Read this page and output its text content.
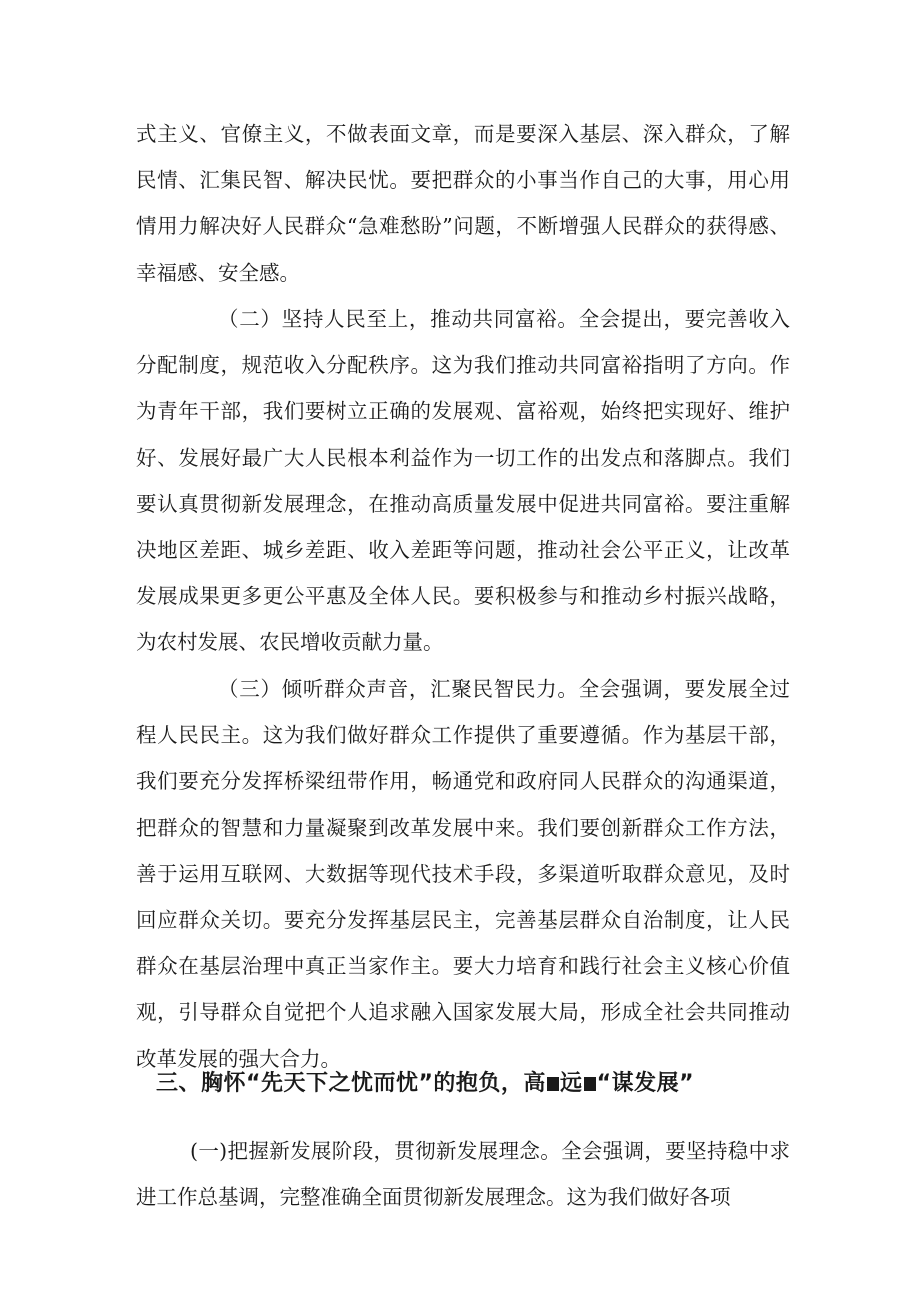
式主义、官僚主义，不做表面文章，而是要深入基层、深入群众，了解民情、汇集民智、解决民忧。要把群众的小事当作自己的大事，用心用情用力解决好人民群众“急难愁盼”问题，不断增强人民群众的获得感、幸福感、安全感。

（二）坚持人民至上，推动共同富裕。全会提出，要完善收入分配制度，规范收入分配秩序。这为我们推动共同富裕指明了方向。作为青年干部，我们要树立正确的发展观、富裕观，始终把实现好、维护好、发展好最广大人民根本利益作为一切工作的出发点和落脚点。我们要认真贯彻新发展理念，在推动高质量发展中促进共同富裕。要注重解决地区差距、城乡差距、收入差距等问题，推动社会公平正义，让改革发展成果更多更公平惠及全体人民。要积极参与和推动乡村振兴战略，为农村发展、农民增收贡献力量。

（三）倾听群众声音，汇聚民智民力。全会强调，要发展全过程人民民主。这为我们做好群众工作提供了重要遵循。作为基层干部，我们要充分发挥桥梁纽带作用，畅通党和政府同人民群众的沟通渠道，把群众的智慧和力量凝聚到改革发展中来。我们要创新群众工作方法，善于运用互联网、大数据等现代技术手段，多渠道听取群众意见，及时回应群众关切。要充分发挥基层民主，完善基层群众自治制度，让人民群众在基层治理中真正当家作主。要大力培育和践行社会主义核心价值观，引导群众自觉把个人追求融入国家发展大局，形成全社会共同推动改革发展的强大合力。

三、胸怀“先天下之忧而忧”的抱负，高 远 “谋发展”

(一)把握新发展阶段，贯彻新发展理念。全会强调，要坚持稳中求进工作总基调，完整准确全面贯彻新发展理念。这为我们做好各项
